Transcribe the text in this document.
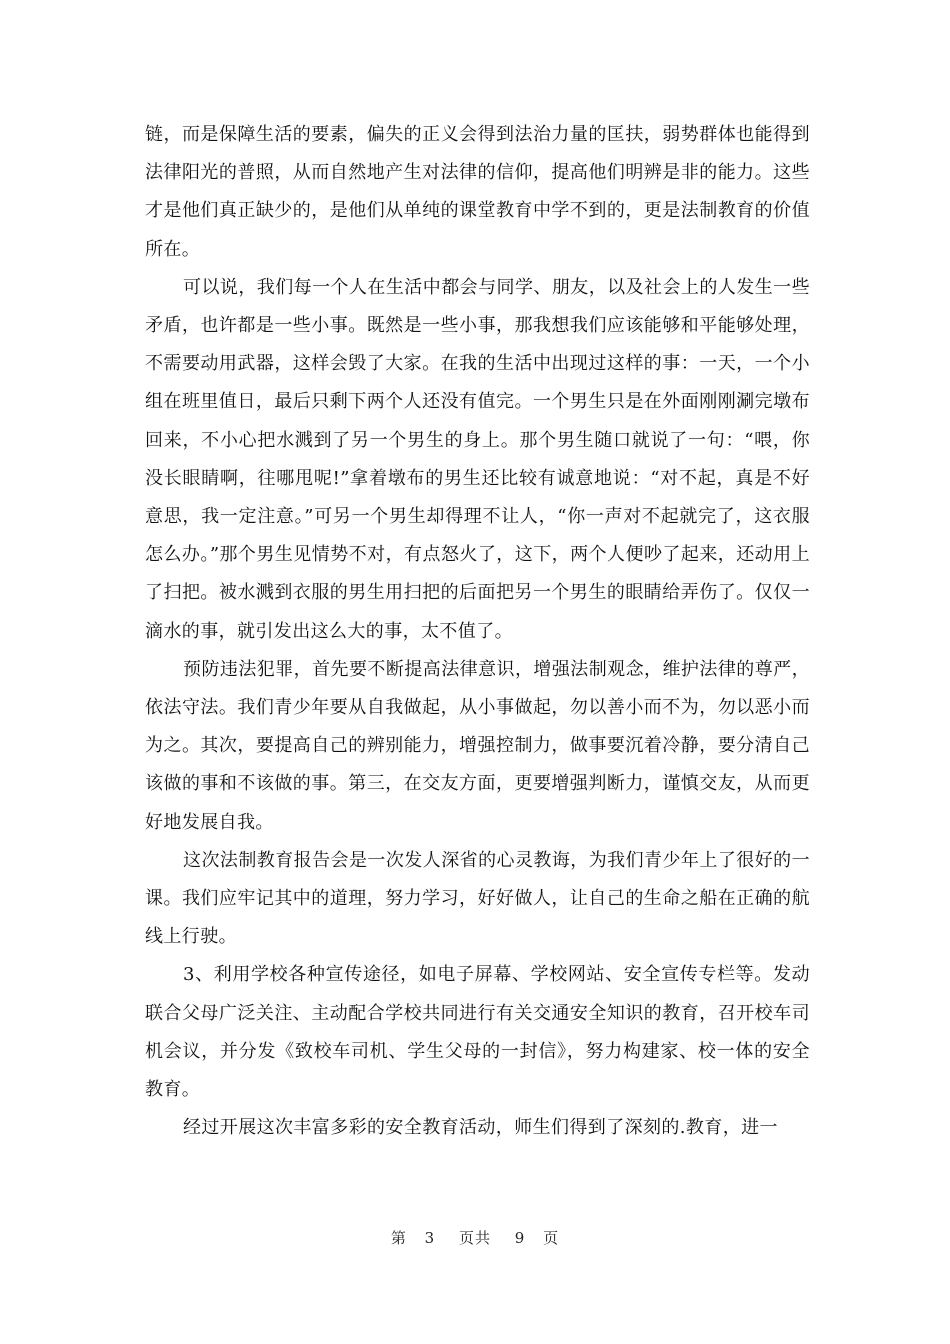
链，而是保障生活的要素，偏失的正义会得到法治力量的匡扶，弱势群体也能得到法律阳光的普照，从而自然地产生对法律的信仰，提高他们明辨是非的能力。这些才是他们真正缺少的，是他们从单纯的课堂教育中学不到的，更是法制教育的价值所在。

可以说，我们每一个人在生活中都会与同学、朋友，以及社会上的人发生一些矛盾，也许都是一些小事。既然是一些小事，那我想我们应该能够和平能够处理，不需要动用武器，这样会毁了大家。在我的生活中出现过这样的事：一天，一个小组在班里值日，最后只剩下两个人还没有值完。一个男生只是在外面刚刚涮完墩布回来，不小心把水溅到了另一个男生的身上。那个男生随口就说了一句：“喂，你没长眼睛啊，往哪甩呢!”拿着墩布的男生还比较有诚意地说：“对不起，真是不好意思，我一定注意。”可另一个男生却得理不让人，“你一声对不起就完了，这衣服怎么办。”那个男生见情势不对，有点怒火了，这下，两个人便吵了起来，还动用上了扫把。被水溅到衣服的男生用扫把的后面把另一个男生的眼睛给弄伤了。仅仅一滴水的事，就引发出这么大的事，太不值了。

预防违法犯罪，首先要不断提高法律意识，增强法制观念，维护法律的尊严，依法守法。我们青少年要从自我做起，从小事做起，勿以善小而不为，勿以恶小而为之。其次，要提高自己的辨别能力，增强控制力，做事要沉着冷静，要分清自己该做的事和不该做的事。第三，在交友方面，更要增强判断力，谨慎交友，从而更好地发展自我。

这次法制教育报告会是一次发人深省的心灵教诲，为我们青少年上了很好的一课。我们应牢记其中的道理，努力学习，好好做人，让自己的生命之船在正确的航线上行驶。

3、利用学校各种宣传途径，如电子屏幕、学校网站、安全宣传专栏等。发动联合父母广泛关注、主动配合学校共同进行有关交通安全知识的教育，召开校车司机会议，并分发《致校车司机、学生父母的一封信》，努力构建家、校一体的安全教育。

经过开展这次丰富多彩的安全教育活动，师生们得到了深刻的.教育，进一

第 3 页共 9 页
